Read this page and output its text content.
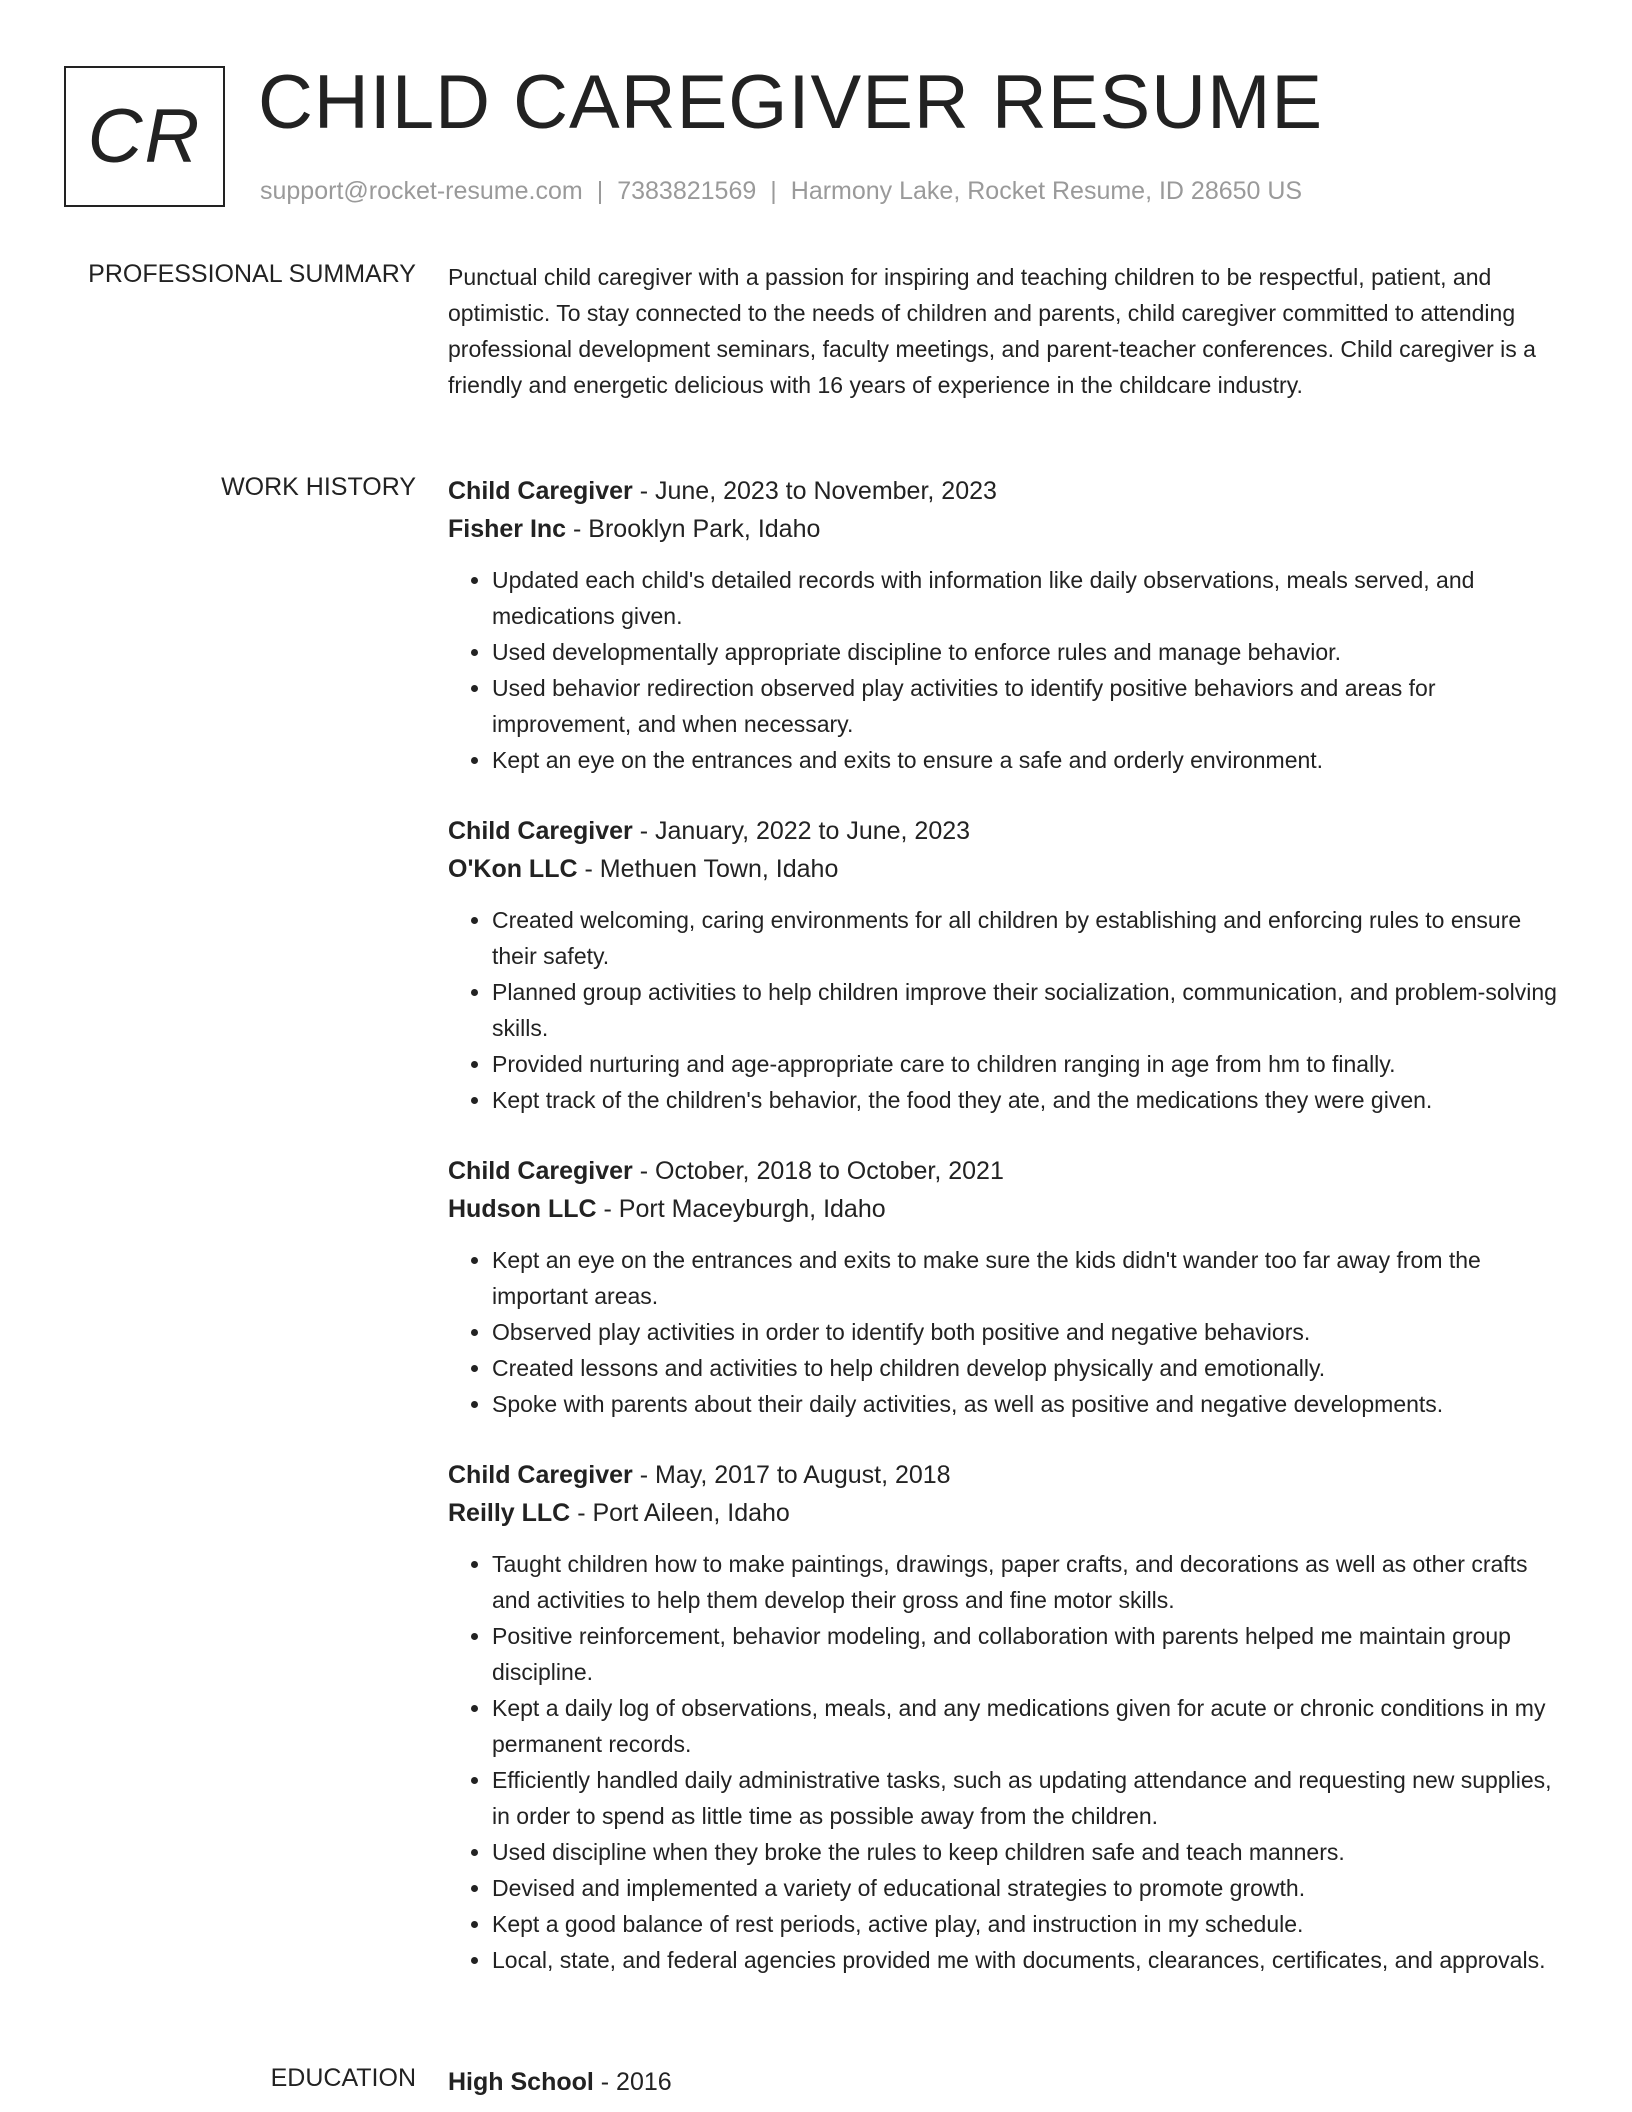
CR CHILD CAREGIVER RESUME
support@rocket-resume.com | 7383821569 | Harmony Lake, Rocket Resume, ID 28650 US
PROFESSIONAL SUMMARY Punctual child caregiver with a passion for inspiring and teaching children to be respectful, patient, and optimistic. To stay connected to the needs of children and parents, child caregiver committed to attending professional development seminars, faculty meetings, and parent-teacher conferences. Child caregiver is a friendly and energetic delicious with 16 years of experience in the childcare industry.

WORK HISTORY Child Caregiver - June, 2023 to November, 2023

Fisher Inc - Brooklyn Park, Idaho

• Updated each child's detailed records with information like daily observations, meals served, and medications given.
• Used developmentally appropriate discipline to enforce rules and manage behavior.
• Used behavior redirection observed play activities to identify positive behaviors and areas for improvement, and when necessary.
• Kept an eye on the entrances and exits to ensure a safe and orderly environment.

Child Caregiver - January, 2022 to June, 2023

O'Kon LLC - Methuen Town, Idaho

• Created welcoming, caring environments for all children by establishing and enforcing rules to ensure their safety.
• Planned group activities to help children improve their socialization, communication, and problem-solving skills.
• Provided nurturing and age-appropriate care to children ranging in age from hm to finally.
• Kept track of the children's behavior, the food they ate, and the medications they were given.

Child Caregiver - October, 2018 to October, 2021

Hudson LLC - Port Maceyburgh, Idaho

• Kept an eye on the entrances and exits to make sure the kids didn't wander too far away from the important areas.
• Observed play activities in order to identify both positive and negative behaviors.
• Created lessons and activities to help children develop physically and emotionally.
• Spoke with parents about their daily activities, as well as positive and negative developments.

Child Caregiver - May, 2017 to August, 2018

Reilly LLC - Port Aileen, Idaho

• Taught children how to make paintings, drawings, paper crafts, and decorations as well as other crafts and activities to help them develop their gross and fine motor skills.
• Positive reinforcement, behavior modeling, and collaboration with parents helped me maintain group discipline.
• Kept a daily log of observations, meals, and any medications given for acute or chronic conditions in my permanent records.
• Efficiently handled daily administrative tasks, such as updating attendance and requesting new supplies, in order to spend as little time as possible away from the children.
• Used discipline when they broke the rules to keep children safe and teach manners.
• Devised and implemented a variety of educational strategies to promote growth.
• Kept a good balance of rest periods, active play, and instruction in my schedule.
• Local, state, and federal agencies provided me with documents, clearances, certificates, and approvals.
EDUCATION High School - 2016
